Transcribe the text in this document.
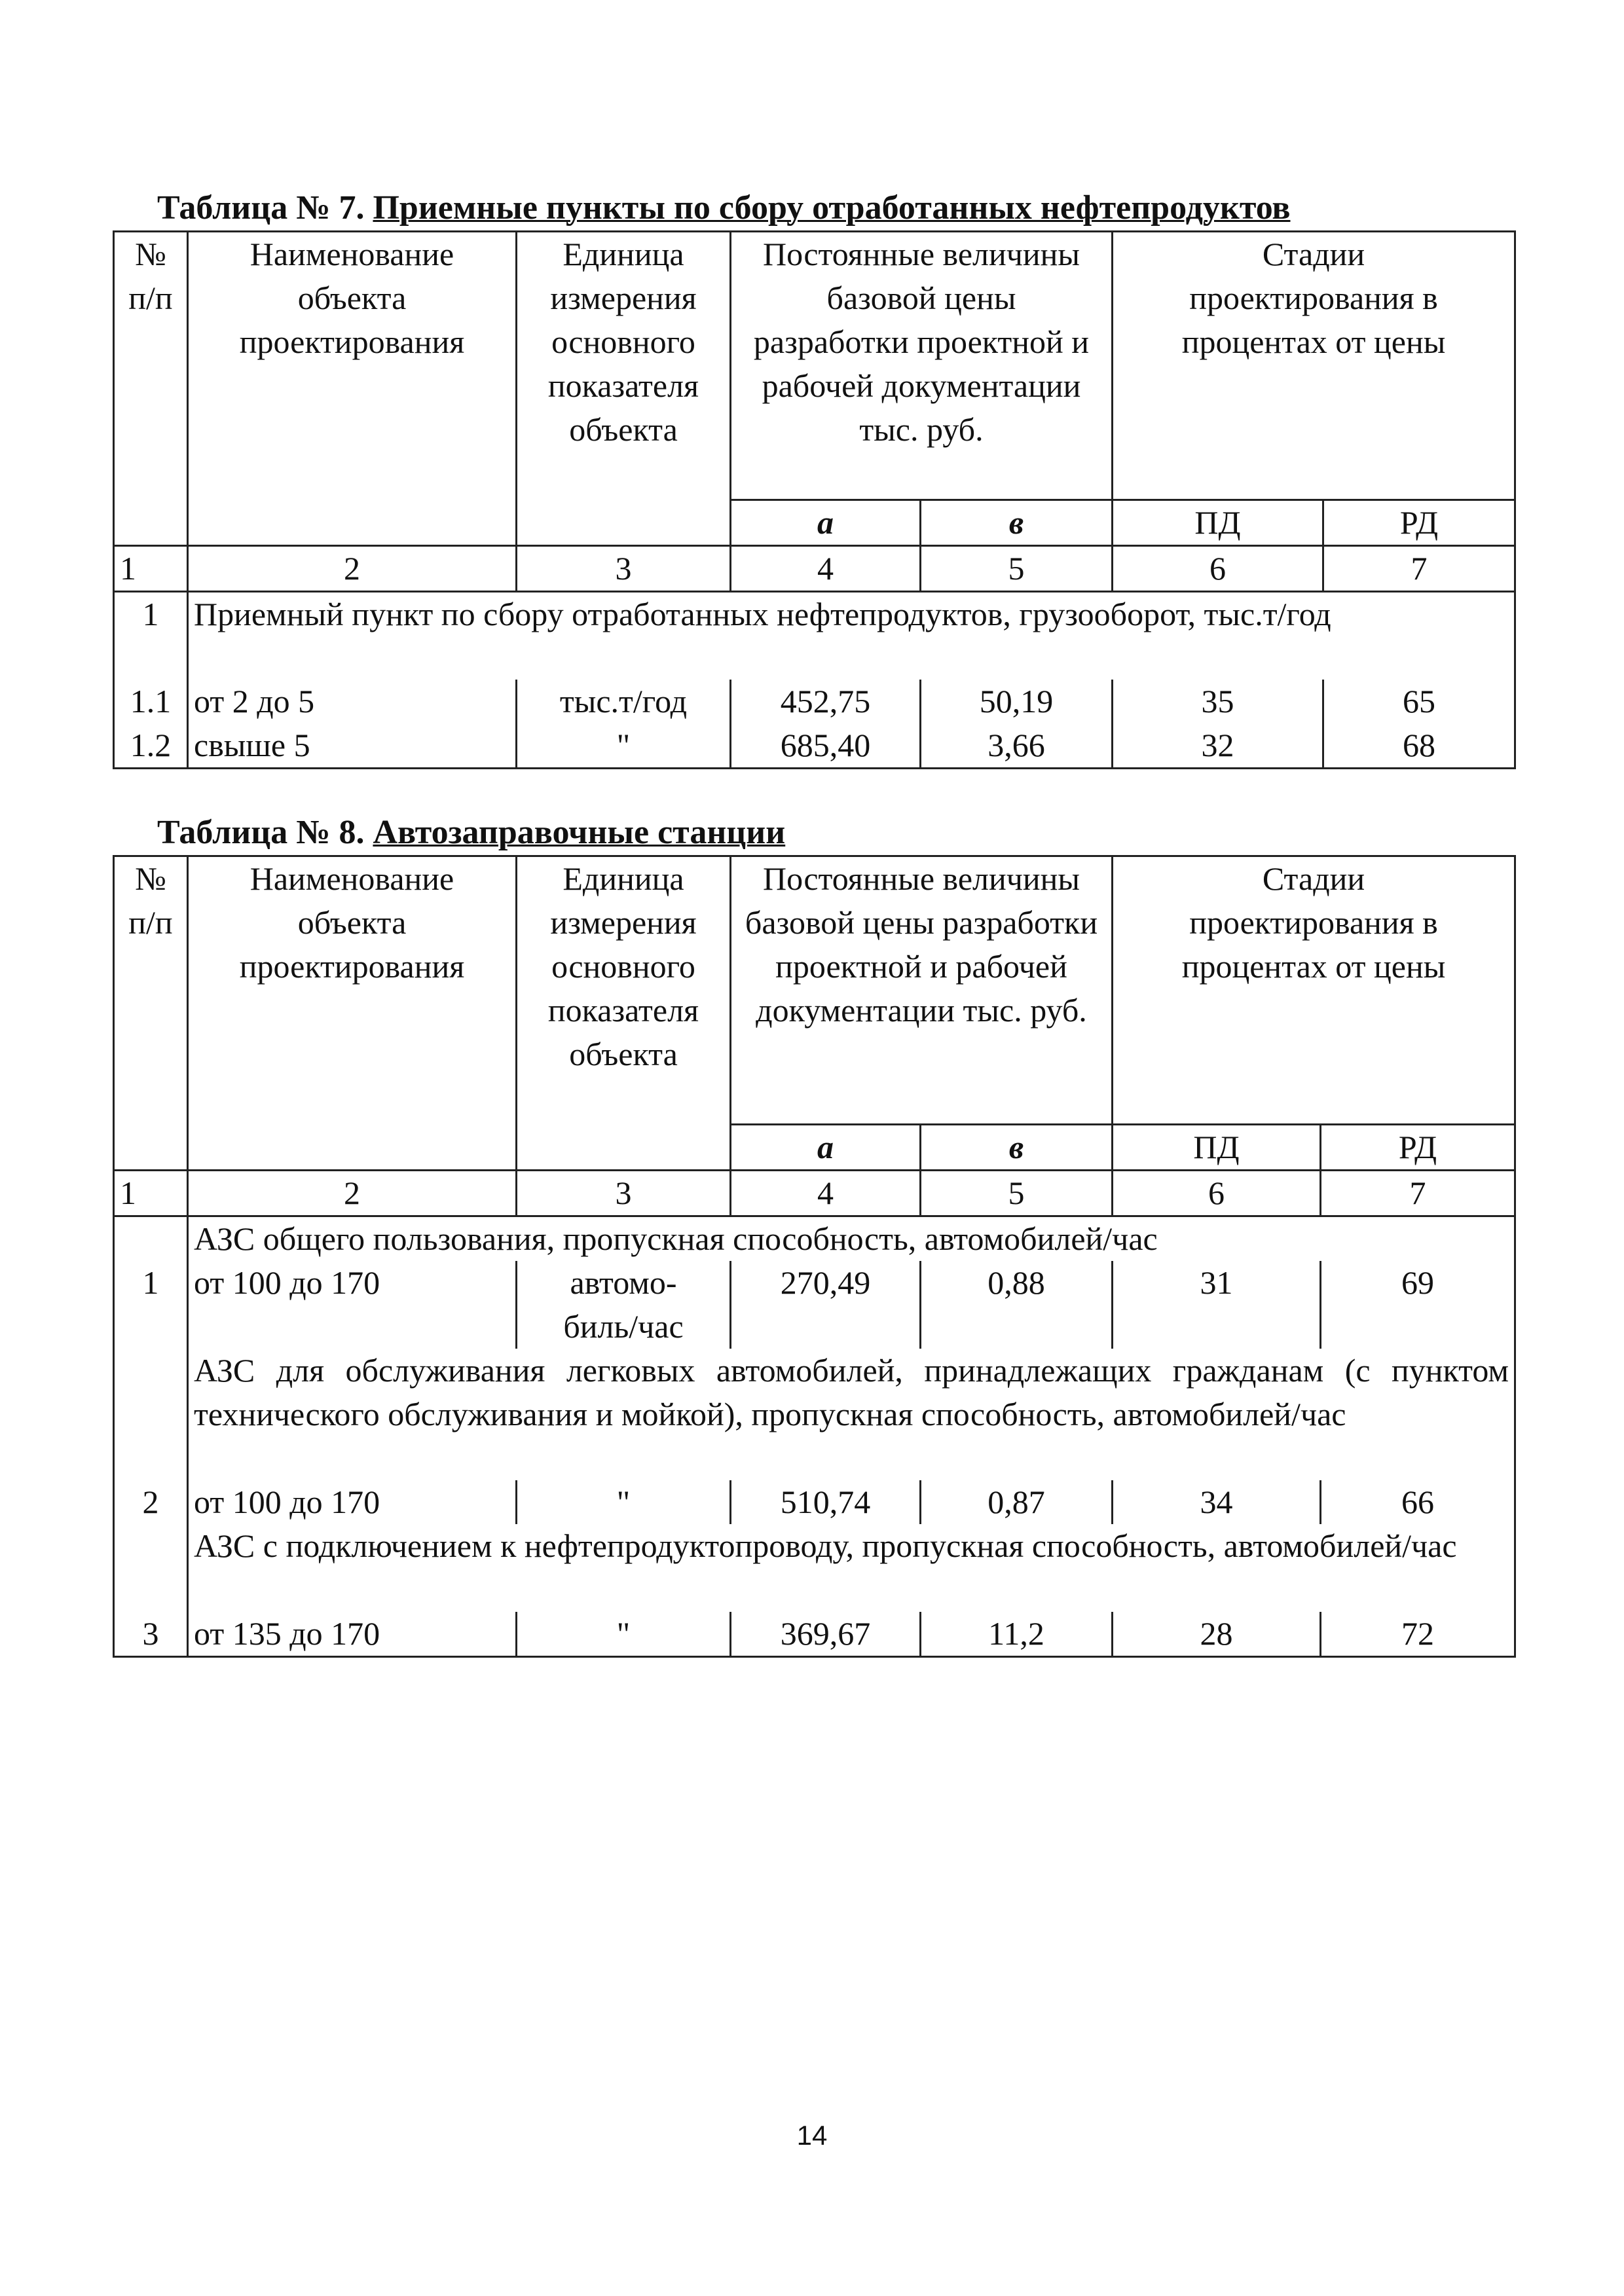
Таблица № 7. Приемные пункты по сбору отработанных нефтепродуктов
№ п/п	Наименование объекта проектирования	Единица измерения основного показателя объекта	Постоянные величины базовой цены разработки проектной и рабочей документации тыс. руб.		Стадии проектирования в процентах от цены	

			а	в	ПД	РД
1	2	3	4	5	6	7
1	Приемный пункт по сбору отработанных нефтепродуктов, грузооборот, тыс.т/год					
1.1	от 2 до 5	тыс.т/год	452,75	50,19	35	65
1.2	свыше 5	"	685,40	3,66	32	68
Таблица № 8. Автозаправочные станции
№ п/п	Наименование объекта проектирования	Единица измерения основного показателя объекта	Постоянные величины базовой цены разработки проектной и рабочей документации тыс. руб.		Стадии проектирования в процентах от цены	

			а	в	ПД	РД
1	2	3	4	5	6	7
	АЗС общего пользования, пропускная способность, автомобилей/час					
1	от 100 до 170	автомо-биль/час	270,49	0,88	31	69
	АЗС для обслуживания легковых автомобилей, принадлежащих гражданам (с пунктом технического обслуживания и мойкой), пропускная способность, автомобилей/час					
2	от 100 до 170	"	510,74	0,87	34	66
	АЗС с подключением к нефтепродуктопроводу, пропускная способность, автомобилей/час					
3	от 135 до 170	"	369,67	11,2	28	72
14
